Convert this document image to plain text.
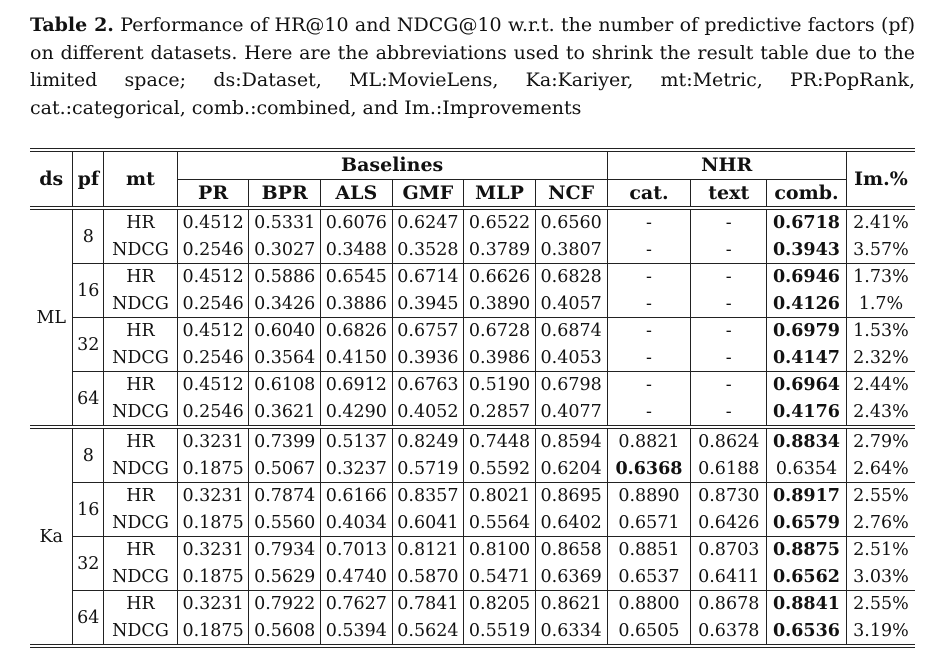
Table 2. Performance of HR@10 and NDCG@10 w.r.t. the number of predictive factors (pf) on different datasets. Here are the abbreviations used to shrink the result table due to the limited space; ds:Dataset, ML:MovieLens, Ka:Kariyer, mt:Metric, PR:PopRank, cat.:categorical, comb.:combined, and Im.:Improvements
ds	pf	mt	Baselines						NHR			Im.%
			PR	BPR	ALS	GMF	MLP	NCF	cat.	text	comb.	
ML	8	HR	0.4512	0.5331	0.6076	0.6247	0.6522	0.6560	-	-	0.6718	2.41%
		NDCG	0.2546	0.3027	0.3488	0.3528	0.3789	0.3807	-	-	0.3943	3.57%
	16	HR	0.4512	0.5886	0.6545	0.6714	0.6626	0.6828	-	-	0.6946	1.73%
		NDCG	0.2546	0.3426	0.3886	0.3945	0.3890	0.4057	-	-	0.4126	1.7%
	32	HR	0.4512	0.6040	0.6826	0.6757	0.6728	0.6874	-	-	0.6979	1.53%
		NDCG	0.2546	0.3564	0.4150	0.3936	0.3986	0.4053	-	-	0.4147	2.32%
	64	HR	0.4512	0.6108	0.6912	0.6763	0.5190	0.6798	-	-	0.6964	2.44%
		NDCG	0.2546	0.3621	0.4290	0.4052	0.2857	0.4077	-	-	0.4176	2.43%
Ka	8	HR	0.3231	0.7399	0.5137	0.8249	0.7448	0.8594	0.8821	0.8624	0.8834	2.79%
		NDCG	0.1875	0.5067	0.3237	0.5719	0.5592	0.6204	0.6368	0.6188	0.6354	2.64%
	16	HR	0.3231	0.7874	0.6166	0.8357	0.8021	0.8695	0.8890	0.8730	0.8917	2.55%
		NDCG	0.1875	0.5560	0.4034	0.6041	0.5564	0.6402	0.6571	0.6426	0.6579	2.76%
	32	HR	0.3231	0.7934	0.7013	0.8121	0.8100	0.8658	0.8851	0.8703	0.8875	2.51%
		NDCG	0.1875	0.5629	0.4740	0.5870	0.5471	0.6369	0.6537	0.6411	0.6562	3.03%
	64	HR	0.3231	0.7922	0.7627	0.7841	0.8205	0.8621	0.8800	0.8678	0.8841	2.55%
		NDCG	0.1875	0.5608	0.5394	0.5624	0.5519	0.6334	0.6505	0.6378	0.6536	3.19%
